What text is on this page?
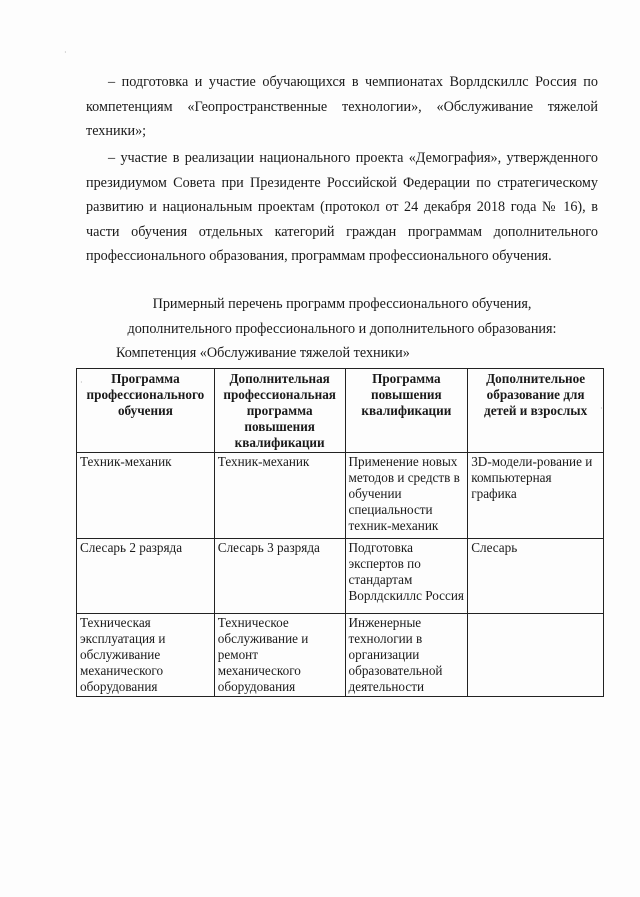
– подготовка и участие обучающихся в чемпионатах Ворлдскиллс Россия по компетенциям «Геопространственные технологии», «Обслуживание тяжелой техники»;

– участие в реализации национального проекта «Демография», утвержденного президиумом Совета при Президенте Российской Федерации по стратегическому развитию и национальным проектам (протокол от 24 декабря 2018 года № 16), в части обучения отдельных категорий граждан программам дополнительного профессионального образования, программам профессионального обучения.

Примерный перечень программ профессионального обучения,

дополнительного профессионального и дополнительного образования:

Компетенция «Обслуживание тяжелой техники»

Программа профессионального обучения	Дополнительная профессиональная программа повышения квалификации	Программа повышения квалификации	Дополнительное образование для детей и взрослых
Техник-механик	Техник-механик	Применение новых методов и средств в обучении специальности техник-механик	3D-модели-рование и компьютерная графика
Слесарь 2 разряда	Слесарь 3 разряда	Подготовка экспертов по стандартам Ворлдскиллс Россия	Слесарь
Техническая эксплуатация и обслуживание механического оборудования	Техническое обслуживание и ремонт механического оборудования	Инженерные технологии в организации образовательной деятельности	
·
·
·
